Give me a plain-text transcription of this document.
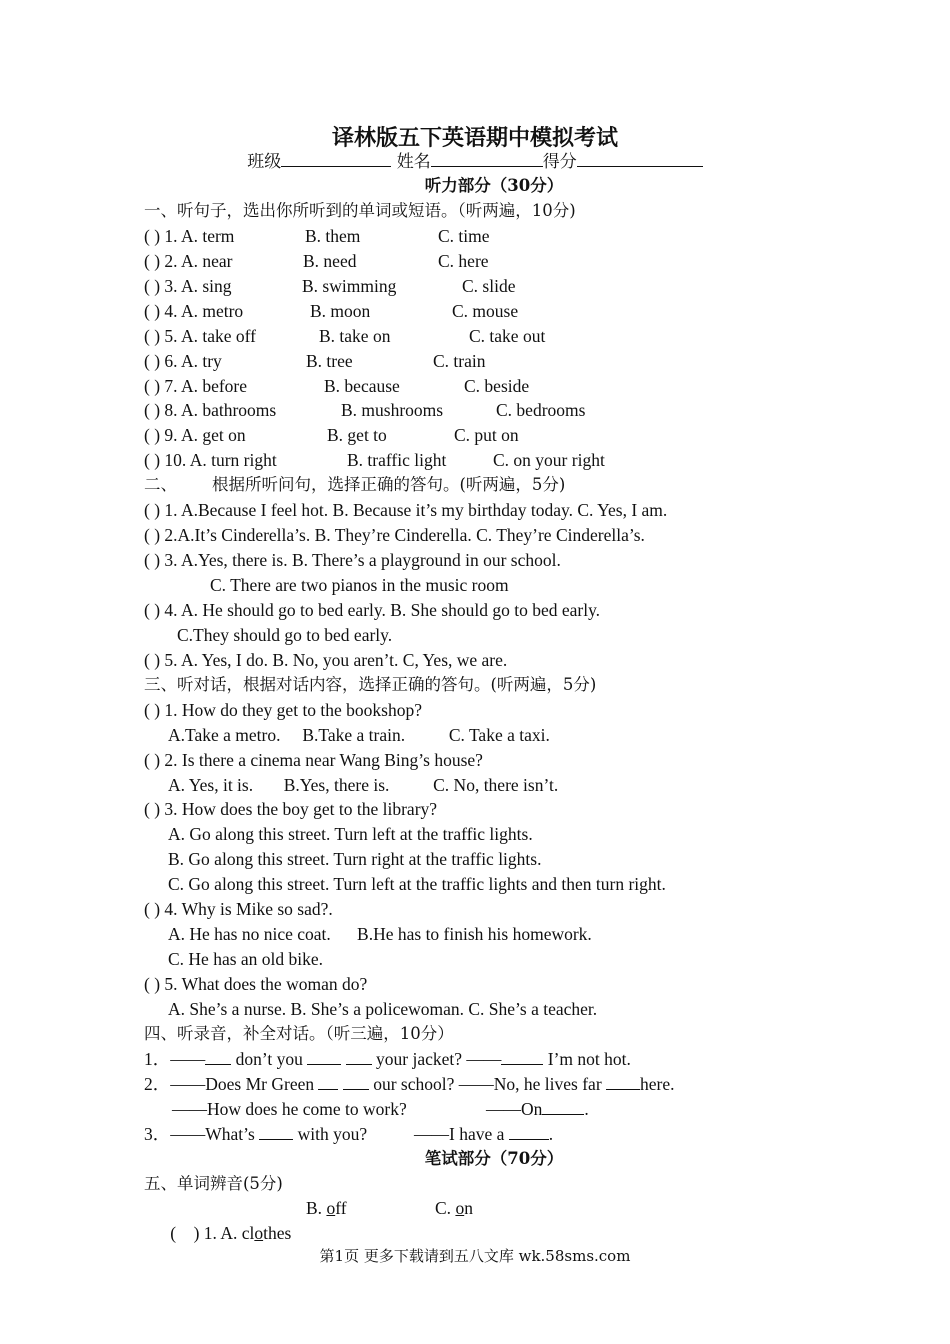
译林版五下英语期中模拟考试
班级	姓名	得分
听力部分（30分）
一、听句子，选出你所听到的单词或短语。（听两遍，10分)
( ) 1. A. term	B. them	C. time
( ) 2. A. near	B. need	C. here
( ) 3. A. sing	B. swimming	C. slide
( ) 4. A. metro	B. moon	C. mouse
( ) 5. A. take off	B. take on	C. take out
( ) 6. A. try	B. tree	C. train
( ) 7. A. before	B. because	C. beside
( ) 8. A. bathrooms	B. mushrooms	C. bedrooms
( ) 9. A. get on	B. get to	C. put on
( ) 10. A. turn right	B. traffic light	C. on your right
二、 根据所听问句，选择正确的答句。(听两遍，5分)
( ) 1. A.Because I feel hot. B. Because it’s my birthday today. C. Yes, I am.
( ) 2.A.It’s Cinderella’s. B. They’re Cinderella. C. They’re Cinderella’s.
( ) 3. A.Yes, there is. B. There’s a playground in our school.
C. There are two pianos in the music room
( ) 4. A. He should go to bed early. B. She should go to bed early.
C.They should go to bed early.
( ) 5. A. Yes, I do. B. No, you aren’t. C, Yes, we are.
三、听对话，根据对话内容，选择正确的答句。(听两遍，5分)
( ) 1. How do they get to the bookshop?
A.Take a metro.     B.Take a train.          C. Take a taxi.
( ) 2. Is there a cinema near Wang Bing’s house?
A. Yes, it is.       B.Yes, there is.          C. No, there isn’t.
( ) 3. How does the boy get to the library?
A. Go along this street. Turn left at the traffic lights.
B. Go along this street. Turn right at the traffic lights.
C. Go along this street. Turn left at the traffic lights and then turn right.
( ) 4. Why is Mike so sad?.
A. He has no nice coat.      B.He has to finish his homework.
C. He has an old bike.
( ) 5. What does the woman do?
A. She’s a nurse. B. She’s a policewoman. C. She’s a teacher.
四、听录音，补全对话。（听三遍，10分）
1．—— don’t you	your jacket? ——	I’m not hot.
2．——Does Mr Green	our school? ——No, he lives far here.
——How does he come to work?	——On .
3．——What’s with you?	——I have a	.
笔试部分（70分）
五、单词辨音(5分)

(    ) 1. A. clothes

B. off

	C. on

第1页 更多下载请到五八文库 wk.58sms.com
